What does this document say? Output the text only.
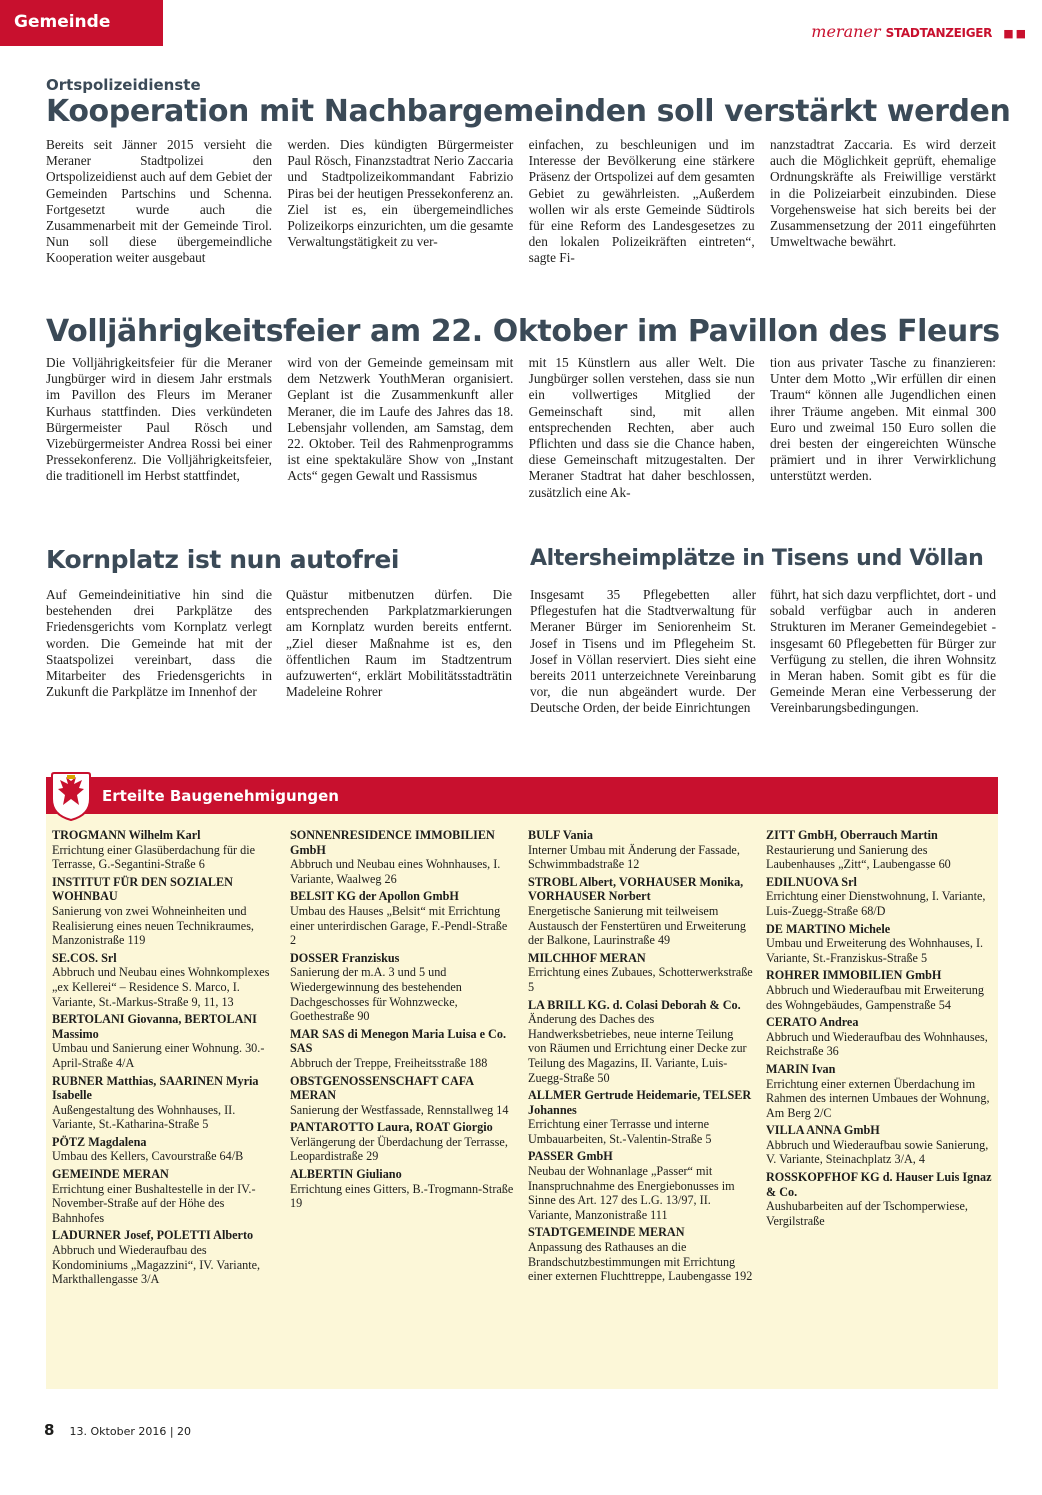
Gemeinde	meraner STADTANZEIGER ■■
Ortspolizeidienste
Kooperation mit Nachbargemeinden soll verstärkt werden

Bereits seit Jänner 2015 versieht die Meraner Stadtpolizei den Ortspolizeidienst auch auf dem Gebiet der Gemeinden Partschins und Schenna. Fortgesetzt wurde auch die Zusammenarbeit mit der Gemeinde Tirol. Nun soll diese übergemeindliche Kooperation weiter ausgebaut

werden. Dies kündigten Bürgermeister Paul Rösch, Finanzstadtrat Nerio Zaccaria und Stadtpolizeikommandant Fabrizio Piras bei der heutigen Pressekonferenz an. Ziel ist es, ein übergemeindliches Polizeikorps einzurichten, um die gesamte Verwaltungstätigkeit zu ver-

einfachen, zu beschleunigen und im Interesse der Bevölkerung eine stärkere Präsenz der Ortspolizei auf dem gesamten Gebiet zu gewährleisten. „Außerdem wollen wir als erste Gemeinde Südtirols für eine Reform des Landesgesetzes zu den lokalen Polizeikräften eintreten“, sagte Fi-

nanzstadtrat Zaccaria. Es wird derzeit auch die Möglichkeit geprüft, ehemalige Ordnungskräfte als Freiwillige verstärkt in die Polizeiarbeit einzubinden. Diese Vorgehensweise hat sich bereits bei der Zusammensetzung der 2011 eingeführten Umweltwache bewährt.

Volljährigkeitsfeier am 22. Oktober im Pavillon des Fleurs

Die Volljährigkeitsfeier für die Meraner Jungbürger wird in diesem Jahr erstmals im Pavillon des Fleurs im Meraner Kurhaus stattfinden. Dies verkündeten Bürgermeister Paul Rösch und Vizebürgermeister Andrea Rossi bei einer Pressekonferenz. Die Volljährigkeitsfeier, die traditionell im Herbst stattfindet,

wird von der Gemeinde gemeinsam mit dem Netzwerk YouthMeran organisiert. Geplant ist die Zusammenkunft aller Meraner, die im Laufe des Jahres das 18. Lebensjahr vollenden, am Samstag, dem 22. Oktober. Teil des Rahmenprogramms ist eine spektakuläre Show von „Instant Acts“ gegen Gewalt und Rassismus

mit 15 Künstlern aus aller Welt. Die Jungbürger sollen verstehen, dass sie nun ein vollwertiges Mitglied der Gemeinschaft sind, mit allen entsprechenden Rechten, aber auch Pflichten und dass sie die Chance haben, diese Gemeinschaft mitzugestalten. Der Meraner Stadtrat hat daher beschlossen, zusätzlich eine Ak-

tion aus privater Tasche zu finanzieren: Unter dem Motto „Wir erfüllen dir einen Traum“ können alle Jugendlichen einen ihrer Träume angeben. Mit einmal 300 Euro und zweimal 150 Euro sollen die drei besten der eingereichten Wünsche prämiert und in ihrer Verwirklichung unterstützt werden.

Kornplatz ist nun autofrei

Auf Gemeindeinitiative hin sind die bestehenden drei Parkplätze des Friedensgerichts vom Kornplatz verlegt worden. Die Gemeinde hat mit der Staatspolizei vereinbart, dass die Mitarbeiter des Friedensgerichts in Zukunft die Parkplätze im Innenhof der

Quästur mitbenutzen dürfen. Die entsprechenden Parkplatzmarkierungen am Kornplatz wurden bereits entfernt. „Ziel dieser Maßnahme ist es, den öffentlichen Raum im Stadtzentrum aufzuwerten“, erklärt Mobilitätsstadträtin Madeleine Rohrer

Altersheimplätze in Tisens und Völlan

Insgesamt 35 Pflegebetten aller Pflegestufen hat die Stadtverwaltung für Meraner Bürger im Seniorenheim St. Josef in Tisens und im Pflegeheim St. Josef in Völlan reserviert. Dies sieht eine bereits 2011 unterzeichnete Vereinbarung vor, die nun abgeändert wurde. Der Deutsche Orden, der beide Einrichtungen

führt, hat sich dazu verpflichtet, dort - und sobald verfügbar auch in anderen Strukturen im Meraner Gemeindegebiet - insgesamt 60 Pflegebetten für Bürger zur Verfügung zu stellen, die ihren Wohnsitz in Meran haben. Somit gibt es für die Gemeinde Meran eine Verbesserung der Vereinbarungsbedingungen.

Erteilte Baugenehmigungen
TROGMANN Wilhelm Karl
Errichtung einer Glasüberdachung für die Terrasse, G.-Segantini-Straße 6
INSTITUT FÜR DEN SOZIALEN WOHNBAU
Sanierung von zwei Wohneinheiten und Realisierung eines neuen Technikraumes, Manzonistraße 119
SE.COS. Srl
Abbruch und Neubau eines Wohnkomplexes „ex Kellerei“ – Residence S. Marco, I. Variante, St.-Markus-Straße 9, 11, 13
BERTOLANI Giovanna, BERTOLANI Massimo
Umbau und Sanierung einer Wohnung. 30.-April-Straße 4/A
RUBNER Matthias, SAARINEN Myria Isabelle
Außengestaltung des Wohnhauses, II. Variante, St.-Katharina-Straße 5
PÖTZ Magdalena
Umbau des Kellers, Cavourstraße 64/B
GEMEINDE MERAN
Errichtung einer Bushaltestelle in der IV.-November-Straße auf der Höhe des Bahnhofes
LADURNER Josef, POLETTI Alberto
Abbruch und Wiederaufbau des Kondominiums „Magazzini“, IV. Variante, Markthallengasse 3/A
SONNENRESIDENCE IMMOBILIEN GmbH
Abbruch und Neubau eines Wohnhauses, I. Variante, Waalweg 26
BELSIT KG der Apollon GmbH
Umbau des Hauses „Belsit“ mit Errichtung einer unterirdischen Garage, F.-Pendl-Straße 2
DOSSER Franziskus
Sanierung der m.A. 3 und 5 und Wiedergewinnung des bestehenden Dachgeschosses für Wohnzwecke, Goethestraße 90
MAR SAS di Menegon Maria Luisa e Co. SAS
Abbruch der Treppe, Freiheitsstraße 188
OBSTGENOSSENSCHAFT CAFA MERAN
Sanierung der Westfassade, Rennstallweg 14
PANTAROTTO Laura, ROAT Giorgio
Verlängerung der Überdachung der Terrasse, Leopardistraße 29
ALBERTIN Giuliano
Errichtung eines Gitters, B.-Trogmann-Straße 19
BULF Vania
Interner Umbau mit Änderung der Fassade, Schwimmbadstraße 12
STROBL Albert, VORHAUSER Monika, VORHAUSER Norbert
Energetische Sanierung mit teilweisem Austausch der Fenstertüren und Erweiterung der Balkone, Laurinstraße 49
MILCHHOF MERAN
Errichtung eines Zubaues, Schotterwerkstraße 5
LA BRILL KG. d. Colasi Deborah & Co.
Änderung des Daches des Handwerksbetriebes, neue interne Teilung von Räumen und Errichtung einer Decke zur Teilung des Magazins, II. Variante, Luis-Zuegg-Straße 50
ALLMER Gertrude Heidemarie, TELSER Johannes
Errichtung einer Terrasse und interne Umbauarbeiten, St.-Valentin-Straße 5
PASSER GmbH
Neubau der Wohnanlage „Passer“ mit Inanspruchnahme des Energiebonusses im Sinne des Art. 127 des L.G. 13/97, II. Variante, Manzonistraße 111
STADTGEMEINDE MERAN
Anpassung des Rathauses an die Brandschutzbestimmungen mit Errichtung einer externen Fluchttreppe, Laubengasse 192
ZITT GmbH, Oberrauch Martin
Restaurierung und Sanierung des Laubenhauses „Zitt“, Laubengasse 60
EDILNUOVA Srl
Errichtung einer Dienstwohnung, I. Variante, Luis-Zuegg-Straße 68/D
DE MARTINO Michele
Umbau und Erweiterung des Wohnhauses, I. Variante, St.-Franziskus-Straße 5
ROHRER IMMOBILIEN GmbH
Abbruch und Wiederaufbau mit Erweiterung des Wohngebäudes, Gampenstraße 54
CERATO Andrea
Abbruch und Wiederaufbau des Wohnhauses, Reichstraße 36
MARIN Ivan
Errichtung einer externen Überdachung im Rahmen des internen Umbaues der Wohnung, Am Berg 2/C
VILLA ANNA GmbH
Abbruch und Wiederaufbau sowie Sanierung, V. Variante, Steinachplatz 3/A, 4
ROSSKOPFHOF KG d. Hauser Luis Ignaz & Co.
Aushubarbeiten auf der Tschomperwiese, Vergilstraße
8 13. Oktober 2016 | 20
